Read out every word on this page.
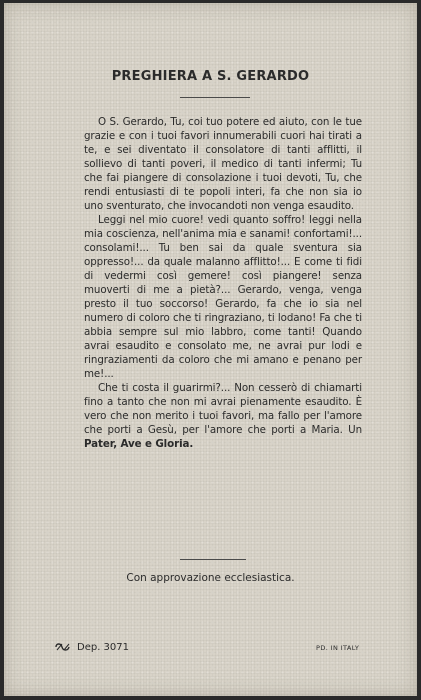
PREGHIERA A S. GERARDO

O S. Gerardo, Tu, coi tuo potere ed aiuto, con le tue grazie e con i tuoi favori innumerabili cuori hai tirati a te, e sei diventato il consolatore di tanti afflitti, il sollievo di tanti poveri, il medico di tanti infermi; Tu che fai piangere di consolazione i tuoi devoti, Tu, che rendi entusiasti di te popoli interi, fa che non sia io uno sventurato, che invocandoti non venga esaudito.

Leggi nel mio cuore! vedi quanto soffro! leggi nella mia coscienza, nell'anima mia e sanami! confortami!... consolami!... Tu ben sai da quale sventura sia oppresso!... da quale malanno afflitto!... E come ti fidi di vedermi così gemere! così piangere! senza muoverti di me a pietà?... Gerardo, venga, venga presto il tuo soccorso! Gerardo, fa che io sia nel numero di coloro che ti ringraziano, ti lodano! Fa che ti abbia sempre sul mio labbro, come tanti! Quando avrai esaudito e consolato me, ne avrai pur lodi e ringraziamenti da coloro che mi amano e penano per me!...

Che ti costa il guarirmi?... Non cesserò di chiamarti fino a tanto che non mi avrai pienamente esaudito. È vero che non merito i tuoi favori, ma fallo per l'amore che porti a Gesù, per l'amore che porti a Maria. Un Pater, Ave e Gloria.

Con approvazione ecclesiastica.
Dep. 3071	PD. IN ITALY
